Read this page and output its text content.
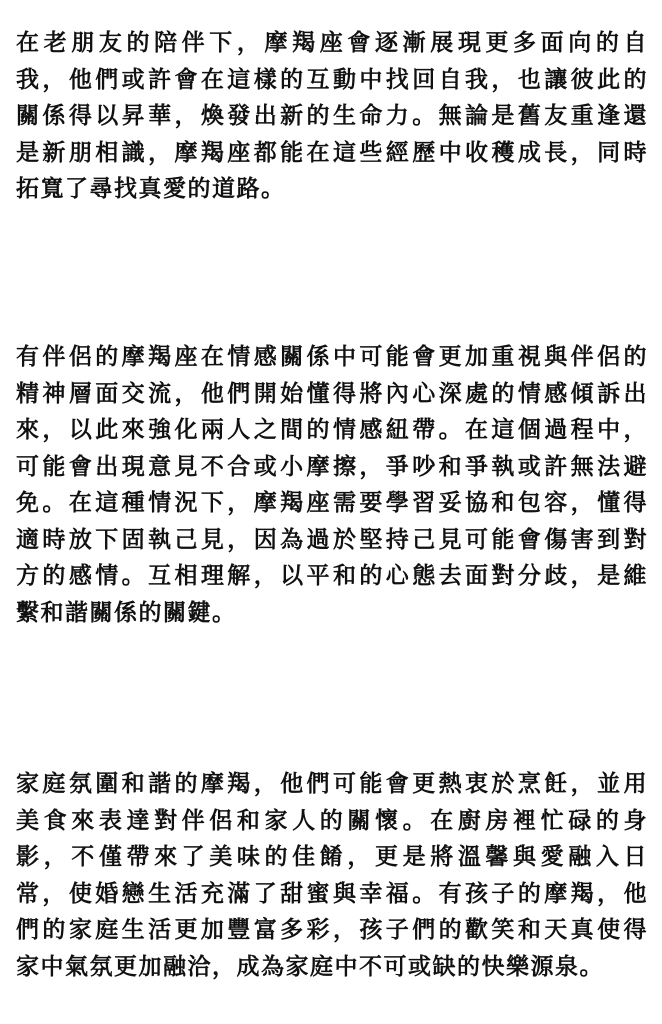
在老朋友的陪伴下，摩羯座會逐漸展現更多面向的自
我，他們或許會在這樣的互動中找回自我，也讓彼此的
關係得以昇華，煥發出新的生命力。無論是舊友重逢還
是新朋相識，摩羯座都能在這些經歷中收穫成長，同時
拓寬了尋找真愛的道路。

有伴侶的摩羯座在情感關係中可能會更加重視與伴侶的
精神層面交流，他們開始懂得將內心深處的情感傾訴出
來，以此來強化兩人之間的情感紐帶。在這個過程中，
可能會出現意見不合或小摩擦，爭吵和爭執或許無法避
免。在這種情況下，摩羯座需要學習妥協和包容，懂得
適時放下固執己見，因為過於堅持己見可能會傷害到對
方的感情。互相理解，以平和的心態去面對分歧，是維
繫和諧關係的關鍵。

家庭氛圍和諧的摩羯，他們可能會更熱衷於烹飪，並用
美食來表達對伴侶和家人的關懷。在廚房裡忙碌的身
影，不僅帶來了美味的佳餚，更是將溫馨與愛融入日
常，使婚戀生活充滿了甜蜜與幸福。有孩子的摩羯，他
們的家庭生活更加豐富多彩，孩子們的歡笑和天真使得
家中氣氛更加融洽，成為家庭中不可或缺的快樂源泉。
